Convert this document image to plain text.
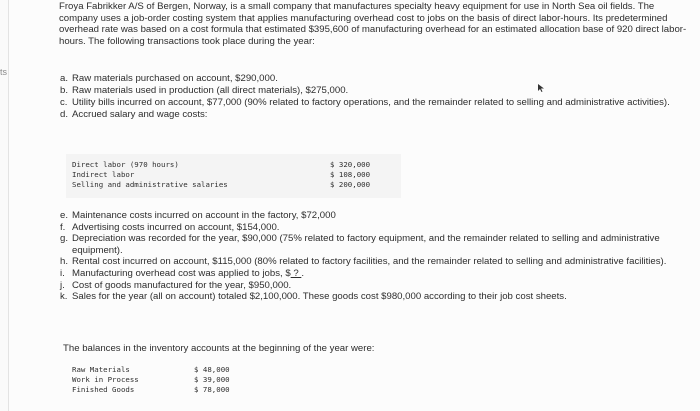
ts
Froya Fabrikker A/S of Bergen, Norway, is a small company that manufactures specialty heavy equipment for use in North Sea oil fields. The company uses a job-order costing system that applies manufacturing overhead cost to jobs on the basis of direct labor-hours. Its predetermined overhead rate was based on a cost formula that estimated $395,600 of manufacturing overhead for an estimated allocation base of 920 direct labor-hours. The following transactions took place during the year:
a. Raw materials purchased on account, $290,000.
b. Raw materials used in production (all direct materials), $275,000.
c. Utility bills incurred on account, $77,000 (90% related to factory operations, and the remainder related to selling and administrative activities).
d. Accrued salary and wage costs:
Direct labor (970 hours)	$ 320,000
Indirect labor	$ 108,000
Selling and administrative salaries	$ 200,000
e. Maintenance costs incurred on account in the factory, $72,000
f. Advertising costs incurred on account, $154,000.
g. Depreciation was recorded for the year, $90,000 (75% related to factory equipment, and the remainder related to selling and administrative equipment).
h. Rental cost incurred on account, $115,000 (80% related to factory facilities, and the remainder related to selling and administrative facilities).
i. Manufacturing overhead cost was applied to jobs, $ ? .
j. Cost of goods manufactured for the year, $950,000.
k. Sales for the year (all on account) totaled $2,100,000. These goods cost $980,000 according to their job cost sheets.
The balances in the inventory accounts at the beginning of the year were:
Raw Materials	$ 48,000
Work in Process	$ 39,000
Finished Goods	$ 78,000
